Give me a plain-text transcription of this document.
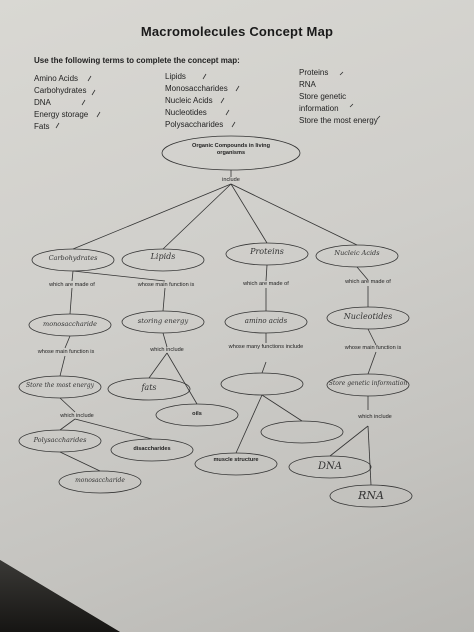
Macromolecules Concept Map
Use the following terms to complete the concept map:
Amino Acids
Carbohydrates
DNA
Energy storage
Fats
Lipids
Monosaccharides
Nucleic Acids
Nucleotides
Polysaccharides
Proteins
RNA
Store genetic
information
Store the most energy
Organic Compounds in living organisms
include
which are made of	whose main function is	which are made of	which are made of
whose main function is	which include	whose many functions include	whose main function is
which include	which include
oils
disaccharides
muscle structure
Carbohydrates	Lipids
Proteins	Nucleic Acids
monosaccharide	storing energy	amino acids	Nucleotides
Store the most energy	fats	Store genetic information
Polysaccharides
monosaccharide
DNA
RNA
